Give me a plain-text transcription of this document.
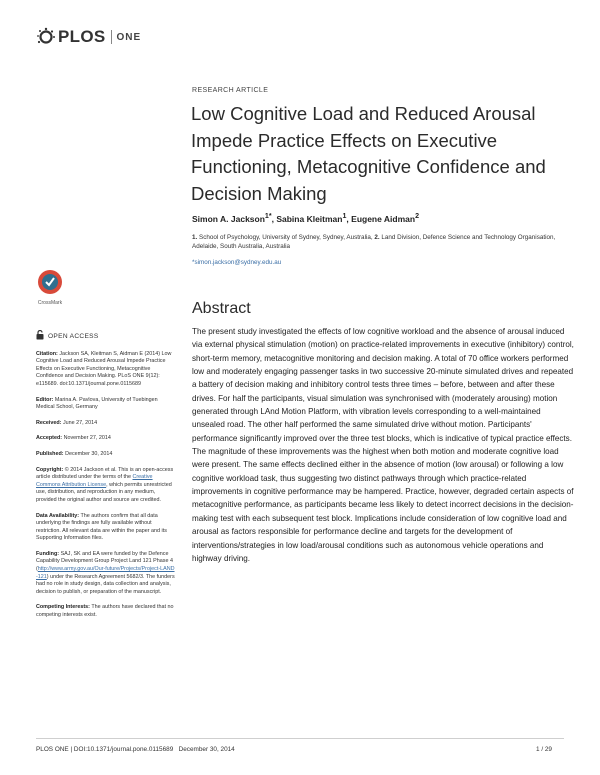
PLOS ONE
RESEARCH ARTICLE
Low Cognitive Load and Reduced Arousal Impede Practice Effects on Executive Functioning, Metacognitive Confidence and Decision Making
Simon A. Jackson$^{1*}$, Sabina Kleitman$^1$, Eugene Aidman$^2$
1. School of Psychology, University of Sydney, Sydney, Australia, 2. Land Division, Defence Science and Technology Organisation, Adelaide, South Australia, Australia
*simon.jackson@sydney.edu.au
Abstract
The present study investigated the effects of low cognitive workload and the absence of arousal induced via external physical stimulation (motion) on practice-related improvements in executive (inhibitory) control, short-term memory, metacognitive monitoring and decision making. A total of 70 office workers performed low and moderately engaging passenger tasks in two successive 20-minute simulated drives and repeated a battery of decision making and inhibitory control tests three times – before, between and after these drives. For half the participants, visual simulation was synchronised with (moderately arousing) motion generated through LAnd Motion Platform, with vibration levels corresponding to a well-maintained unsealed road. The other half performed the same simulated drive without motion. Participants' performance significantly improved over the three test blocks, which is indicative of typical practice effects. The magnitude of these improvements was the highest when both motion and moderate cognitive load were present. The same effects declined either in the absence of motion (low arousal) or following a low cognitive workload task, thus suggesting two distinct pathways through which practice-related improvements in cognitive performance may be hampered. Practice, however, degraded certain aspects of metacognitive performance, as participants became less likely to detect incorrect decisions in the decision-making test with each subsequent test block. Implications include consideration of low cognitive load and arousal as factors responsible for performance decline and targets for the development of interventions/strategies in low load/arousal conditions such as autonomous vehicle operations and highway driving.
CrossMark
OPEN ACCESS
Citation: Jackson SA, Kleitman S, Aidman E (2014) Low Cognitive Load and Reduced Arousal Impede Practice Effects on Executive Functioning, Metacognitive Confidence and Decision Making. PLoS ONE 9(12): e115689. doi:10.1371/journal.pone.0115689
Editor: Marina A. Pavlova, University of Tuebingen Medical School, Germany
Received: June 27, 2014
Accepted: November 27, 2014
Published: December 30, 2014
Copyright: © 2014 Jackson et al. This is an open-access article distributed under the terms of the Creative Commons Attribution License, which permits unrestricted use, distribution, and reproduction in any medium, provided the original author and source are credited.
Data Availability: The authors confirm that all data underlying the findings are fully available without restriction. All relevant data are within the paper and its Supporting Information files.
Funding: SAJ, SK and EA were funded by the Defence Capability Development Group Project Land 121 Phase 4 (http://www.army.gov.au/Our-future/Projects/Project-LAND-121) under the Research Agreement 5682/3. The funders had no role in study design, data collection and analysis, decision to publish, or preparation of the manuscript.
Competing Interests: The authors have declared that no competing interests exist.
PLOS ONE | DOI:10.1371/journal.pone.0115689 December 30, 2014	1 / 29
